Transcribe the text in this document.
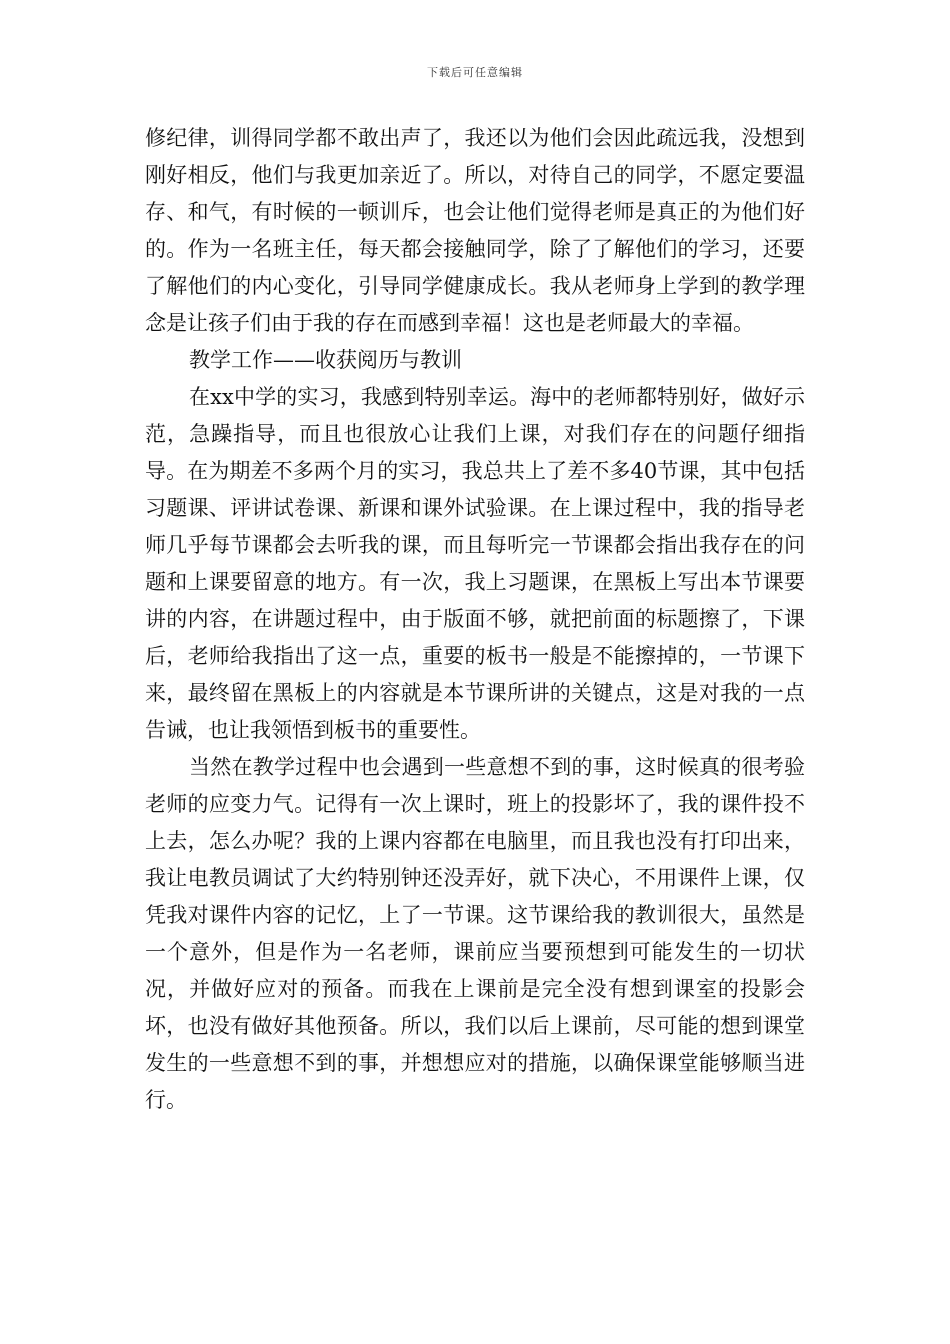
下载后可任意编辑

修纪律，训得同学都不敢出声了，我还以为他们会因此疏远我，没想到刚好相反，他们与我更加亲近了。所以，对待自己的同学，不愿定要温存、和气，有时候的一顿训斥，也会让他们觉得老师是真正的为他们好的。作为一名班主任，每天都会接触同学，除了了解他们的学习，还要了解他们的内心变化，引导同学健康成长。我从老师身上学到的教学理念是让孩子们由于我的存在而感到幸福！这也是老师最大的幸福。

教学工作——收获阅历与教训

在xx中学的实习，我感到特别幸运。海中的老师都特别好，做好示范，急躁指导，而且也很放心让我们上课，对我们存在的问题仔细指导。在为期差不多两个月的实习，我总共上了差不多40节课，其中包括习题课、评讲试卷课、新课和课外试验课。在上课过程中，我的指导老师几乎每节课都会去听我的课，而且每听完一节课都会指出我存在的问题和上课要留意的地方。有一次，我上习题课，在黑板上写出本节课要讲的内容，在讲题过程中，由于版面不够，就把前面的标题擦了，下课后，老师给我指出了这一点，重要的板书一般是不能擦掉的，一节课下来，最终留在黑板上的内容就是本节课所讲的关键点，这是对我的一点告诫，也让我领悟到板书的重要性。

当然在教学过程中也会遇到一些意想不到的事，这时候真的很考验老师的应变力气。记得有一次上课时，班上的投影坏了，我的课件投不上去，怎么办呢？我的上课内容都在电脑里，而且我也没有打印出来，我让电教员调试了大约特别钟还没弄好，就下决心，不用课件上课，仅凭我对课件内容的记忆，上了一节课。这节课给我的教训很大，虽然是一个意外，但是作为一名老师，课前应当要预想到可能发生的一切状况，并做好应对的预备。而我在上课前是完全没有想到课室的投影会坏，也没有做好其他预备。所以，我们以后上课前，尽可能的想到课堂发生的一些意想不到的事，并想想应对的措施，以确保课堂能够顺当进行。
